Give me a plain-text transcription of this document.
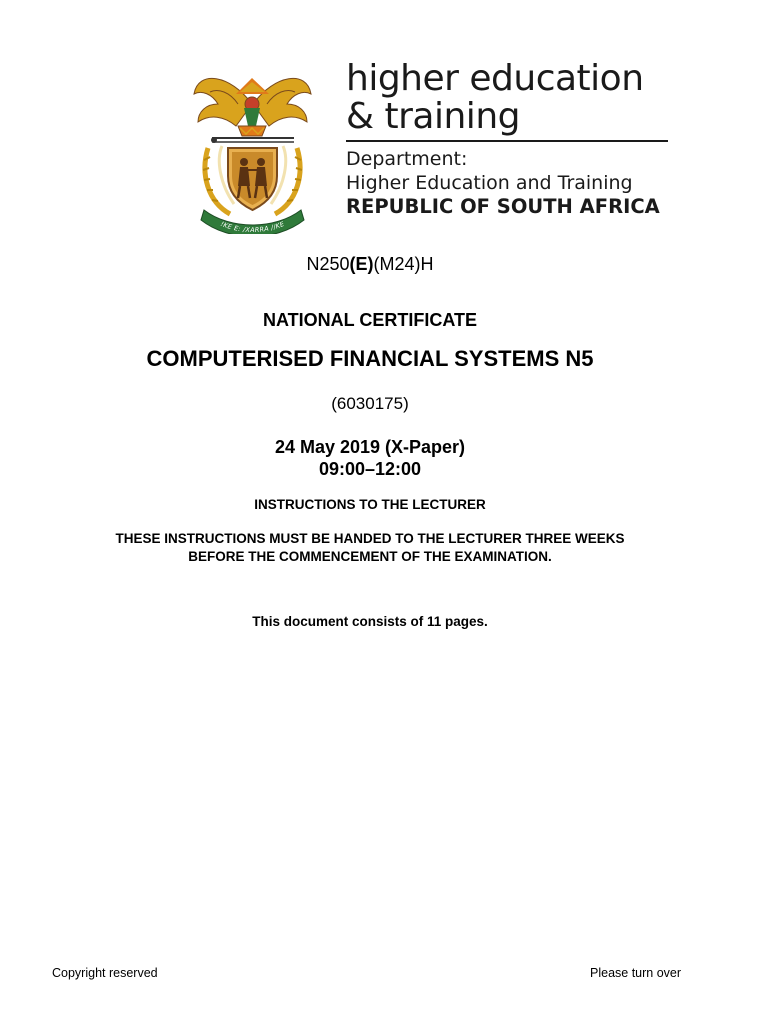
!KE E: /XARRA //KE
higher education
& training
Department:
Higher Education and Training
REPUBLIC OF SOUTH AFRICA
N250(E)(M24)H
NATIONAL CERTIFICATE
COMPUTERISED FINANCIAL SYSTEMS N5
(6030175)
24 May 2019 (X-Paper)
09:00–12:00
INSTRUCTIONS TO THE LECTURER
THESE INSTRUCTIONS MUST BE HANDED TO THE LECTURER THREE WEEKS
BEFORE THE COMMENCEMENT OF THE EXAMINATION.
This document consists of 11 pages.
Copyright reserved	Please turn over
